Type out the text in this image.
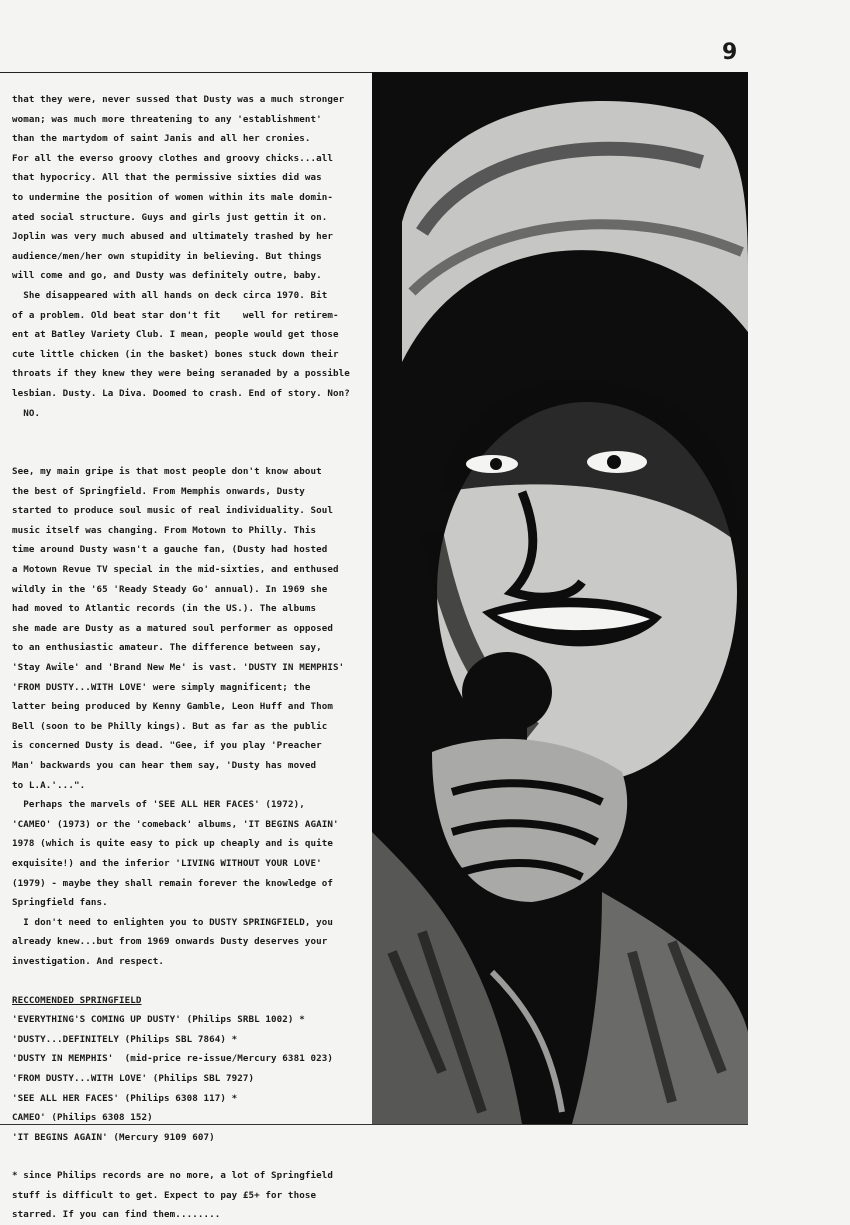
9

that they were, never sussed that Dusty was a much stronger

woman; was much more threatening to any 'establishment'

than the martydom of saint Janis and all her cronies.

For all the everso groovy clothes and groovy chicks...all

that hypocricy. All that the permissive sixties did was

to undermine the position of women within its male domin-

ated social structure. Guys and girls just gettin it on.

Joplin was very much abused and ultimately trashed by her

audience/men/her own stupidity in believing. But things

will come and go, and Dusty was definitely outre, baby.

She disappeared with all hands on deck circa 1970. Bit

of a problem. Old beat star don't fit    well for retirem-

ent at Batley Variety Club. I mean, people would get those

cute little chicken (in the basket) bones stuck down their

throats if they knew they were being seranaded by a possible

lesbian. Dusty. La Diva. Doomed to crash. End of story. Non?

NO.

See, my main gripe is that most people don't know about

the best of Springfield. From Memphis onwards, Dusty

started to produce soul music of real individuality. Soul

music itself was changing. From Motown to Philly. This

time around Dusty wasn't a gauche fan, (Dusty had hosted

a Motown Revue TV special in the mid-sixties, and enthused

wildly in the '65 'Ready Steady Go' annual). In 1969 she

had moved to Atlantic records (in the US.). The albums

she made are Dusty as a matured soul performer as opposed

to an enthusiastic amateur. The difference between say,

'Stay Awile' and 'Brand New Me' is vast. 'DUSTY IN MEMPHIS'

'FROM DUSTY...WITH LOVE' were simply magnificent; the

latter being produced by Kenny Gamble, Leon Huff and Thom

Bell (soon to be Philly kings). But as far as the public

is concerned Dusty is dead. "Gee, if you play 'Preacher

Man' backwards you can hear them say, 'Dusty has moved

to L.A.'...".

Perhaps the marvels of 'SEE ALL HER FACES' (1972),

'CAMEO' (1973) or the 'comeback' albums, 'IT BEGINS AGAIN'

1978 (which is quite easy to pick up cheaply and is quite

exquisite!) and the inferior 'LIVING WITHOUT YOUR LOVE'

(1979) - maybe they shall remain forever the knowledge of

Springfield fans.

I don't need to enlighten you to DUSTY SPRINGFIELD, you

already knew...but from 1969 onwards Dusty deserves your

investigation. And respect.

RECCOMENDED SPRINGFIELD

'EVERYTHING'S COMING UP DUSTY' (Philips SRBL 1002) *

'DUSTY...DEFINITELY (Philips SBL 7864) *

'DUSTY IN MEMPHIS'  (mid-price re-issue/Mercury 6381 023)

'FROM DUSTY...WITH LOVE' (Philips SBL 7927)

'SEE ALL HER FACES' (Philips 6308 117) *

CAMEO' (Philips 6308 152)

'IT BEGINS AGAIN' (Mercury 9109 607)

* since Philips records are no more, a lot of Springfield

stuff is difficult to get. Expect to pay £5+ for those

starred. If you can find them........
